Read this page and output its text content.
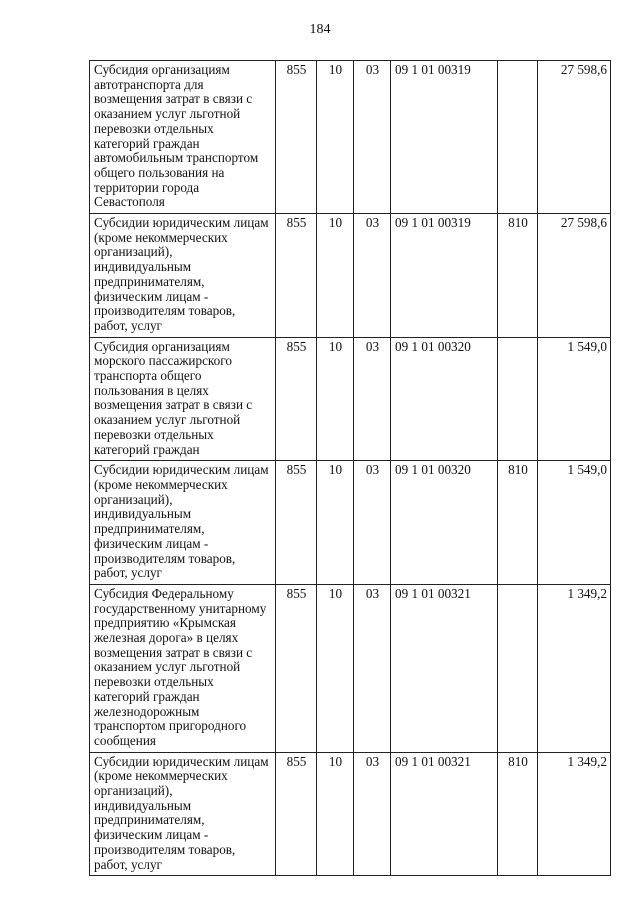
184
Субсидия организациям автотранспорта для возмещения затрат в связи с оказанием услуг льготной перевозки отдельных категорий граждан автомобильным транспортом общего пользования на территории города Севастополя	855	10	03	09 1 01 00319		27 598,6
Субсидии юридическим лицам (кроме некоммерческих организаций), индивидуальным предпринимателям, физическим лицам - производителям товаров, работ, услуг	855	10	03	09 1 01 00319	810	27 598,6
Субсидия организациям морского пассажирского транспорта общего пользования в целях возмещения затрат в связи с оказанием услуг льготной перевозки отдельных категорий граждан	855	10	03	09 1 01 00320		1 549,0
Субсидии юридическим лицам (кроме некоммерческих организаций), индивидуальным предпринимателям, физическим лицам - производителям товаров, работ, услуг	855	10	03	09 1 01 00320	810	1 549,0
Субсидия Федеральному государственному унитарному предприятию «Крымская железная дорога» в целях возмещения затрат в связи с оказанием услуг льготной перевозки отдельных категорий граждан железнодорожным транспортом пригородного сообщения	855	10	03	09 1 01 00321		1 349,2
Субсидии юридическим лицам (кроме некоммерческих организаций), индивидуальным предпринимателям, физическим лицам - производителям товаров, работ, услуг	855	10	03	09 1 01 00321	810	1 349,2
